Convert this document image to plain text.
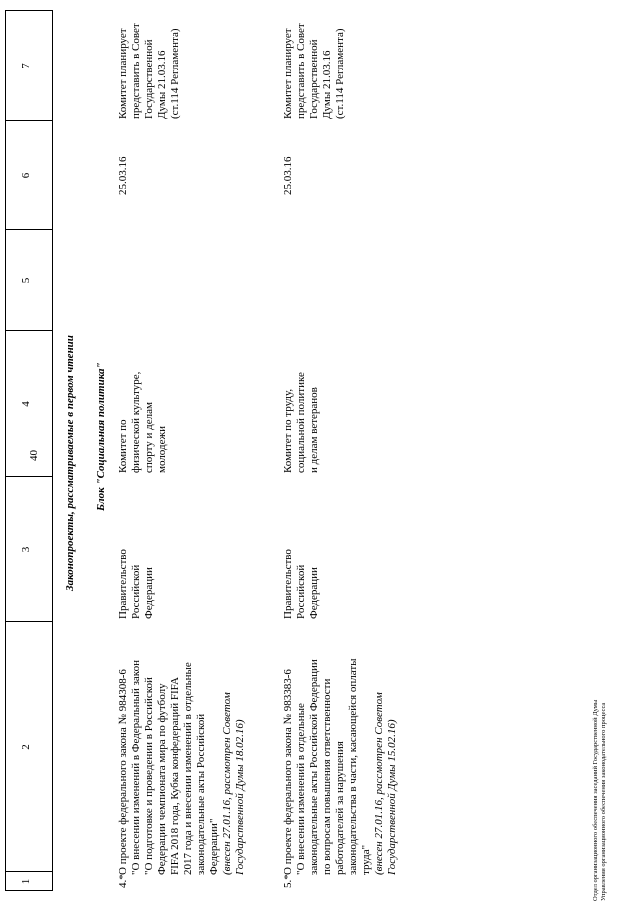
40
1
2
3
4
5
6
7
Законопроекты, рассматриваемые в первом чтении Блок "Социальная политика"
4.*
О проекте федерального закона № 984308-6 "О внесении изменений в Федеральный закон "О подготовке и проведении в Российской Федерации чемпионата мира по футболу FIFA 2018 года, Кубка конфедераций FIFA 2017 года и внесении изменений в отдельные законодательные акты Российской Федерации" (внесен 27.01.16, рассмотрен Советом Государственной Думы 18.02.16)
Правительство Российской Федерации
Комитет по физической культуре, спорту и делам молодежи
25.03.16
Комитет планирует представить в Совет Государственной Думы 21.03.16 (ст.114 Регламента)
5.*
О проекте федерального закона № 983383-6 "О внесении изменений в отдельные законодательные акты Российской Федерации по вопросам повышения ответственности работодателей за нарушения законодательства в части, касающейся оплаты труда" (внесен 27.01.16, рассмотрен Советом Государственной Думы 15.02.16)
Правительство Российской Федерации
Комитет по труду, социальной политике и делам ветеранов
25.03.16
Комитет планирует представить в Совет Государственной Думы 21.03.16 (ст.114 Регламента)
Отдел организационного обеспечения заседаний Государственной Думы Управления организационного обеспечения законодательного процесса
